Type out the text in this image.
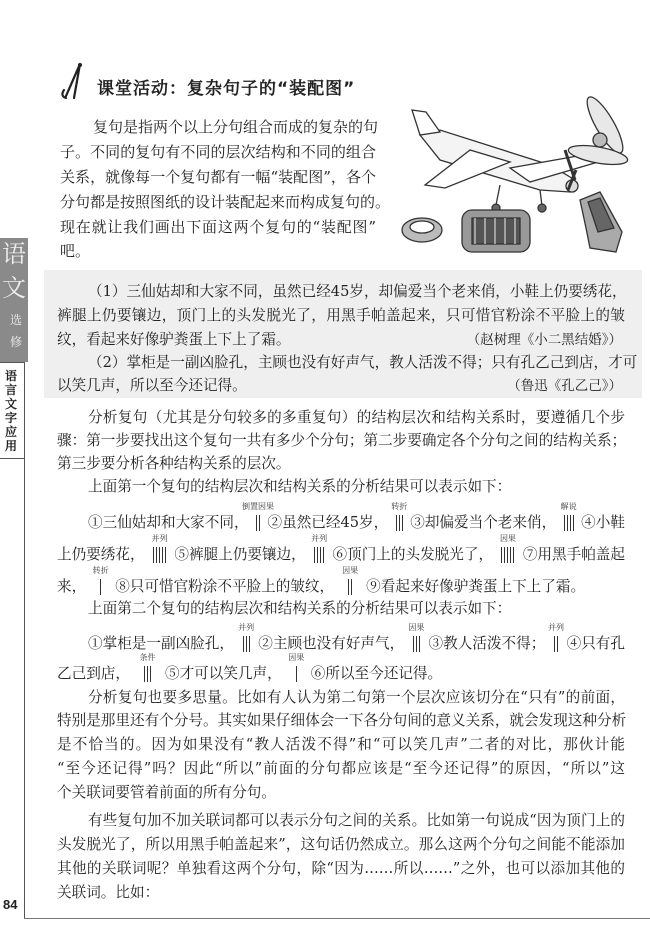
语
文
选
修
语言文字应用
84
课堂活动：复杂句子的“装配图”
复句是指两个以上分句组合而成的复杂的句
子。不同的复句有不同的层次结构和不同的组合
关系，就像每一个复句都有一幅“装配图”，各个
分句都是按照图纸的设计装配起来而构成复句的。
现在就让我们画出下面这两个复句的“装配图”
吧。
（1）三仙姑却和大家不同，虽然已经45岁，却偏爱当个老来俏，小鞋上仍要绣花，
裤腿上仍要镶边，顶门上的头发脱光了，用黑手帕盖起来，只可惜官粉涂不平脸上的皱
纹，看起来好像驴粪蛋上下上了霜。	（赵树理《小二黑结婚》）
（2）掌柜是一副凶脸孔，主顾也没有好声气，教人活泼不得；只有孔乙己到店，才可
以笑几声，所以至今还记得。	（鲁迅《孔乙己》）
分析复句（尤其是分句较多的多重复句）的结构层次和结构关系时，要遵循几个步
骤：第一步要找出这个复句一共有多少个分句；第二步要确定各个分句之间的结构关系；
第三步要分析各种结构关系的层次。
上面第一个复句的结构层次和结构关系的分析结果可以表示如下：
①三仙姑却和大家不同，
倒置因果
②虽然已经45岁，
转折
③却偏爱当个老来俏，
解说
④小鞋
上仍要绣花，
并列
⑤裤腿上仍要镶边，
并列
⑥顶门上的头发脱光了，
因果
⑦用黑手帕盖起
来，
转折
⑧只可惜官粉涂不平脸上的皱纹，
因果
⑨看起来好像驴粪蛋上下上了霜。
上面第二个复句的结构层次和结构关系的分析结果可以表示如下：
①掌柜是一副凶脸孔，
并列
②主顾也没有好声气，
因果
③教人活泼不得；
并列
④只有孔
乙己到店，
条件
⑤才可以笑几声，
因果
⑥所以至今还记得。
分析复句也要多思量。比如有人认为第二句第一个层次应该切分在“只有”的前面，
特别是那里还有个分号。其实如果仔细体会一下各分句间的意义关系，就会发现这种分析
是不恰当的。因为如果没有“教人活泼不得”和“可以笑几声”二者的对比，那伙计能
“至今还记得”吗？因此“所以”前面的分句都应该是“至今还记得”的原因，“所以”这
个关联词要管着前面的所有分句。
有些复句加不加关联词都可以表示分句之间的关系。比如第一句说成“因为顶门上的
头发脱光了，所以用黑手帕盖起来”，这句话仍然成立。那么这两个分句之间能不能添加
其他的关联词呢？单独看这两个分句，除“因为……所以……”之外，也可以添加其他的
关联词。比如：
